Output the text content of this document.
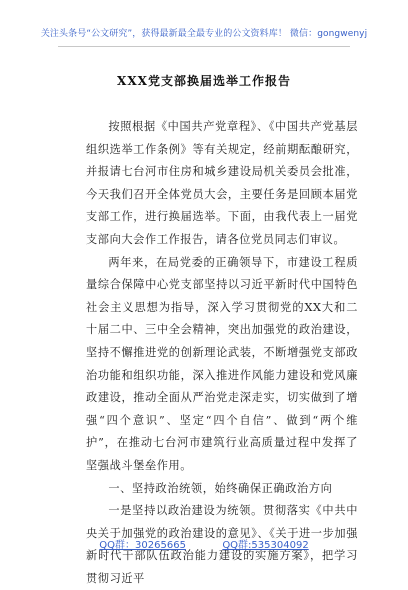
关注头条号“公文研究”，获得最新最全最专业的公文资料库！ 微信：gongwenyj
XXX党支部换届选举工作报告

按照根据《中国共产党章程》、《中国共产党基层组织选举工作条例》等有关规定，经前期酝酿研究，并报请七台河市住房和城乡建设局机关委员会批准，今天我们召开全体党员大会，主要任务是回顾本届党支部工作，进行换届选举。下面，由我代表上一届党支部向大会作工作报告，请各位党员同志们审议。

两年来，在局党委的正确领导下，市建设工程质量综合保障中心党支部坚持以习近平新时代中国特色社会主义思想为指导，深入学习贯彻党的XX大和二十届二中、三中全会精神，突出加强党的政治建设，坚持不懈推进党的创新理论武装，不断增强党支部政治功能和组织功能，深入推进作风能力建设和党风廉政建设，推动全面从严治党走深走实，切实做到了增强“四个意识”、坚定“四个自信”、做到“两个维护”，在推动七台河市建筑行业高质量过程中发挥了坚强战斗堡垒作用。

一、坚持政治统领，始终确保正确政治方向

一是坚持以政治建设为统领。贯彻落实《中共中央关于加强党的政治建设的意见》、《关于进一步加强新时代干部队伍政治能力建设的实施方案》，把学习贯彻习近平

QQ群：30265665	QQ群:535304092
